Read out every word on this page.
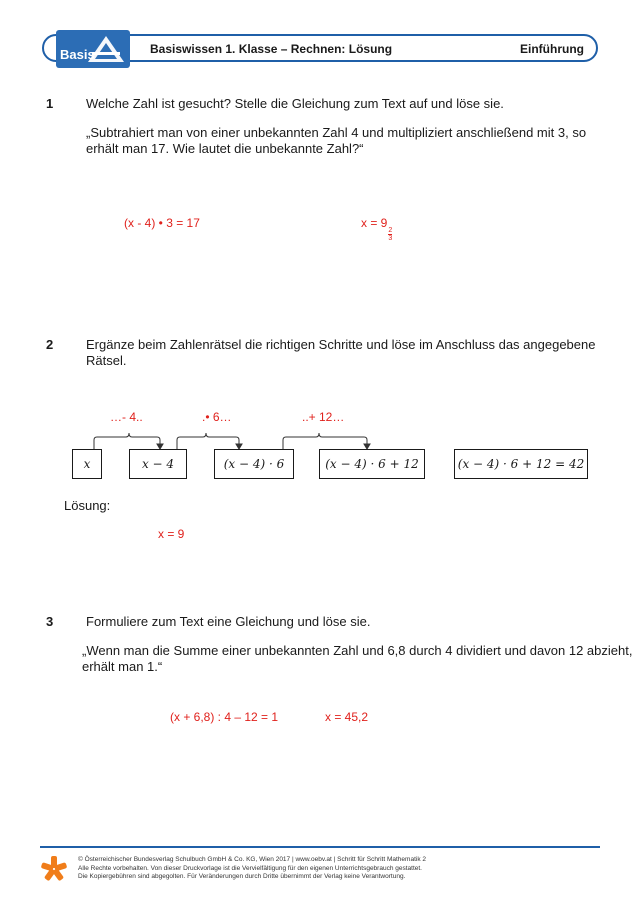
Basis	Basiswissen 1. Klasse – Rechnen: Lösung	Einführung
1	Welche Zahl ist gesucht? Stelle die Gleichung zum Text auf und löse sie.
„Subtrahiert man von einer unbekannten Zahl 4 und multipliziert anschließend mit 3, so
erhält man 17. Wie lautet die unbekannte Zahl?“
(x - 4) • 3 = 17	x = 9
$\frac{2}{3}$
2	Ergänze beim Zahlenrätsel die richtigen Schritte und löse im Anschluss das angegebene
Rätsel.
…- 4..	.• 6…	..+ 12…
x	x − 4	(x − 4) · 6	(x − 4) · 6 + 12	(x − 4) · 6 + 12 = 42
Lösung:
x = 9
3	Formuliere zum Text eine Gleichung und löse sie.
„Wenn man die Summe einer unbekannten Zahl und 6,8 durch 4 dividiert und davon 12 abzieht,
erhält man 1.“
(x + 6,8) : 4 – 12 = 1	x = 45,2
© Österreichischer Bundesverlag Schulbuch GmbH & Co. KG, Wien 2017 | www.oebv.at | Schritt für Schritt Mathematik 2
Alle Rechte vorbehalten. Von dieser Druckvorlage ist die Vervielfältigung für den eigenen Unterrichtsgebrauch gestattet.
Die Kopiergebühren sind abgegolten. Für Veränderungen durch Dritte übernimmt der Verlag keine Verantwortung.
